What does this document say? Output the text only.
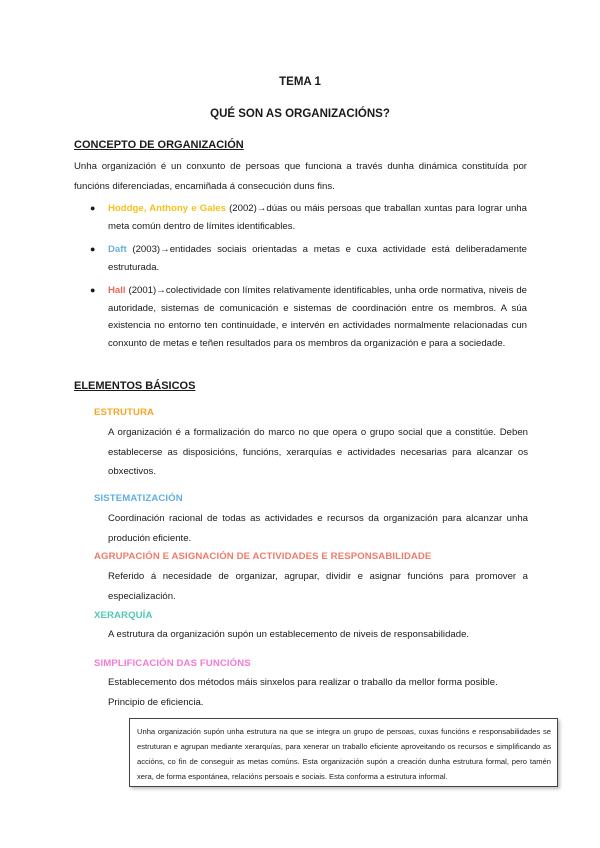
TEMA 1
QUÉ SON AS ORGANIZACIÓNS?
CONCEPTO DE ORGANIZACIÓN
Unha organización é un conxunto de persoas que funciona a través dunha dinámica constituída por funcións diferenciadas, encamiñada á consecución duns fins.
● Hoddge, Anthony e Gales (2002)→dúas ou máis persoas que traballan xuntas para lograr unha meta común dentro de límites identificables.
● Daft (2003)→entidades sociais orientadas a metas e cuxa actividade está deliberadamente estruturada.
● Hall (2001)→colectividade con límites relativamente identificables, unha orde normativa, niveis de autoridade, sistemas de comunicación e sistemas de coordinación entre os membros. A súa existencia no entorno ten continuidade, e intervén en actividades normalmente relacionadas cun conxunto de metas e teñen resultados para os membros da organización e para a sociedade.
ELEMENTOS BÁSICOS
ESTRUTURA
A organización é a formalización do marco no que opera o grupo social que a constitúe. Deben establecerse as disposicións, funcións, xerarquías e actividades necesarias para alcanzar os obxectivos.
SISTEMATIZACIÓN
Coordinación racional de todas as actividades e recursos da organización para alcanzar unha produción eficiente.
AGRUPACIÓN E ASIGNACIÓN DE ACTIVIDADES E RESPONSABILIDADE
Referido á necesidade de organizar, agrupar, dividir e asignar funcións para promover a especialización.
XERARQUÍA
A estrutura da organización supón un establecemento de niveis de responsabilidade.
SIMPLIFICACIÓN DAS FUNCIÓNS
Establecemento dos métodos máis sinxelos para realizar o traballo da mellor forma posible.
Principio de eficiencia.

Unha organización supón unha estrutura na que se integra un grupo de persoas, cuxas funcións e responsabilidades se estruturan e agrupan mediante xerarquías, para xenerar un traballo eficiente aproveitando os recursos e simplificando as accións, co fin de conseguir as metas comúns. Esta organización supón a creación dunha estrutura formal, pero tamén xera, de forma espontánea, relacións persoais e sociais. Esta conforma a estrutura informal.
